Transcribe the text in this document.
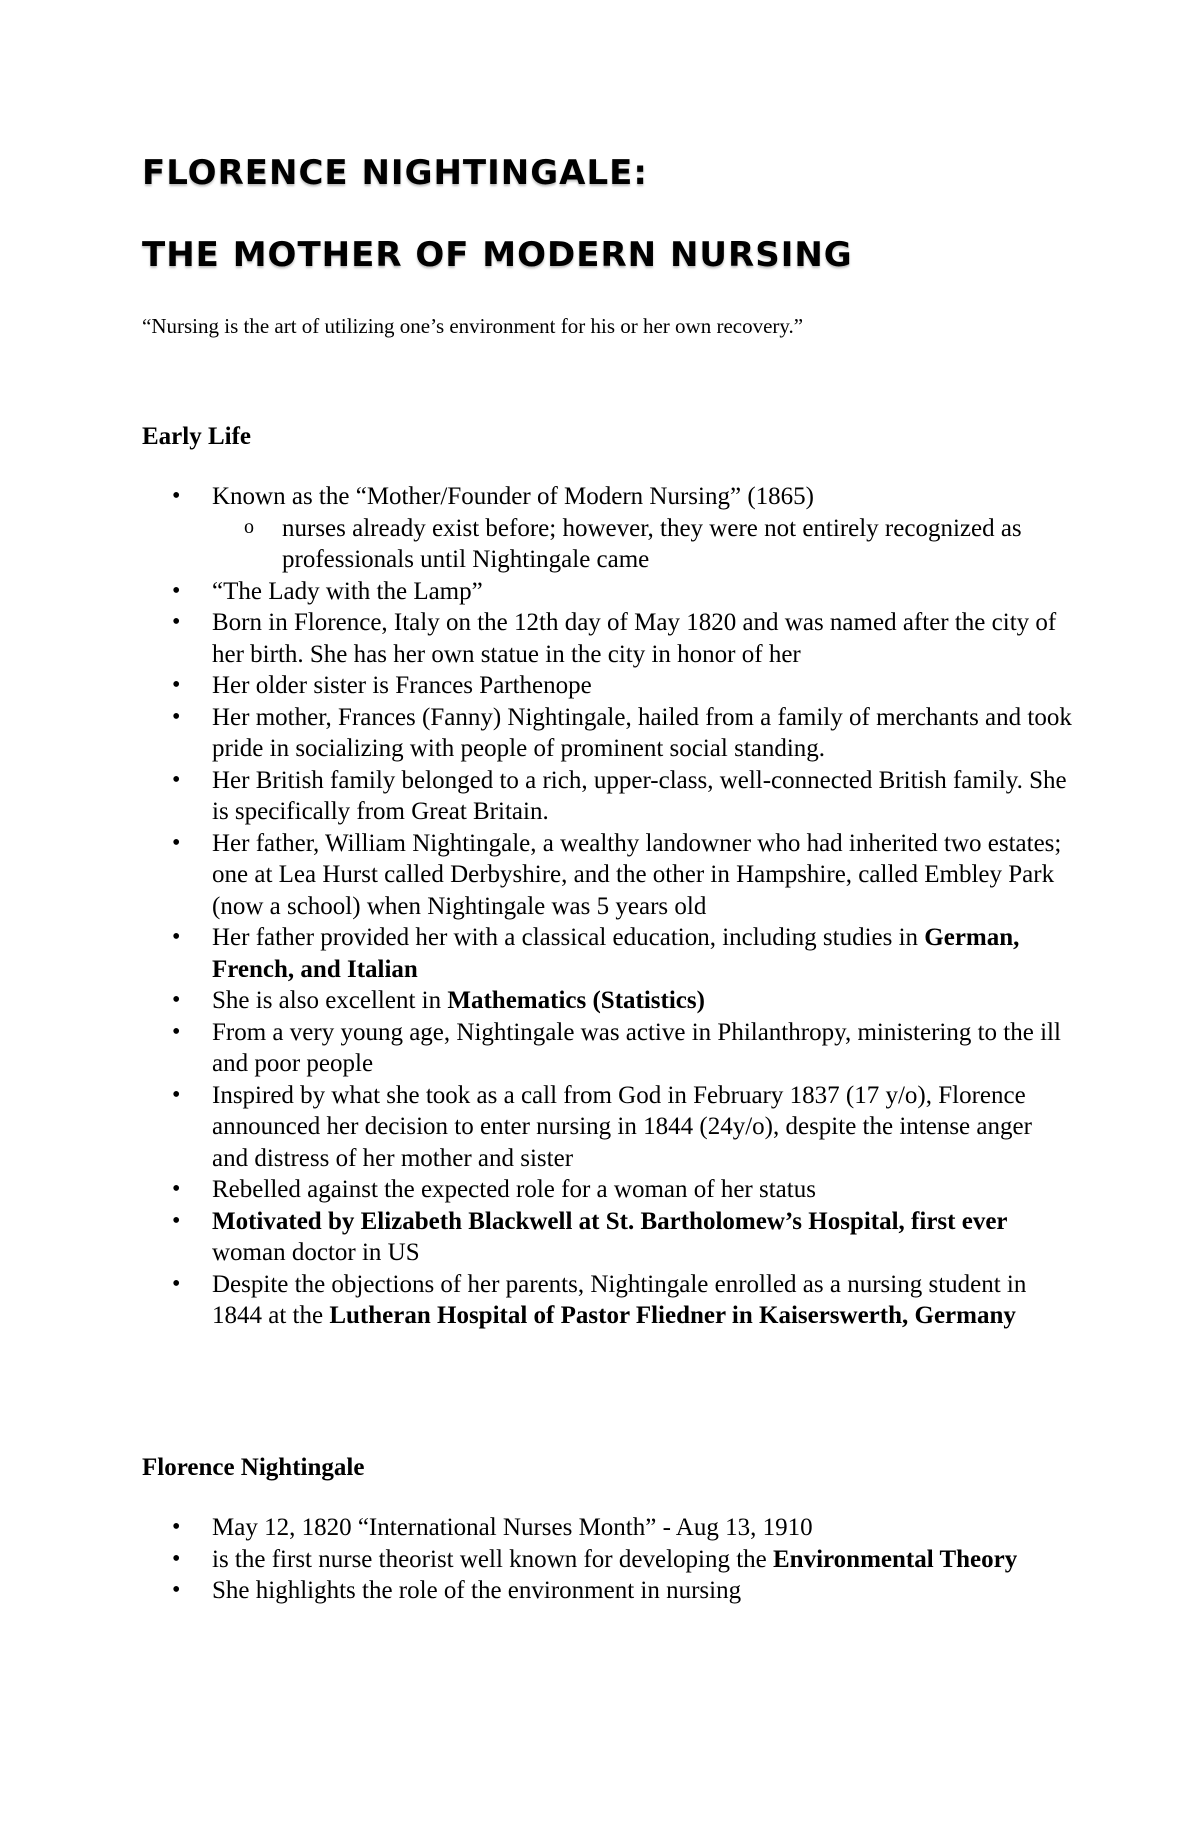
FLORENCE NIGHTINGALE:
THE MOTHER OF MODERN NURSING

“Nursing is the art of utilizing one’s environment for his or her own recovery.”

Early Life
• Known as the “Mother/Founder of Modern Nursing” (1865)
o nurses already exist before; however, they were not entirely recognized as professionals until Nightingale came
• “The Lady with the Lamp”
• Born in Florence, Italy on the 12th day of May 1820 and was named after the city of her birth. She has her own statue in the city in honor of her
• Her older sister is Frances Parthenope
• Her mother, Frances (Fanny) Nightingale, hailed from a family of merchants and took pride in socializing with people of prominent social standing.
• Her British family belonged to a rich, upper-class, well-connected British family. She is specifically from Great Britain.
• Her father, William Nightingale, a wealthy landowner who had inherited two estates; one at Lea Hurst called Derbyshire, and the other in Hampshire, called Embley Park (now a school) when Nightingale was 5 years old
• Her father provided her with a classical education, including studies in German, French, and Italian
• She is also excellent in Mathematics (Statistics)
• From a very young age, Nightingale was active in Philanthropy, ministering to the ill and poor people
• Inspired by what she took as a call from God in February 1837 (17 y/o), Florence announced her decision to enter nursing in 1844 (24y/o), despite the intense anger and distress of her mother and sister
• Rebelled against the expected role for a woman of her status
• Motivated by Elizabeth Blackwell at St. Bartholomew’s Hospital, first ever woman doctor in US
• Despite the objections of her parents, Nightingale enrolled as a nursing student in 1844 at the Lutheran Hospital of Pastor Fliedner in Kaiserswerth, Germany
Florence Nightingale
• May 12, 1820 “International Nurses Month” - Aug 13, 1910
• is the first nurse theorist well known for developing the Environmental Theory
• She highlights the role of the environment in nursing
